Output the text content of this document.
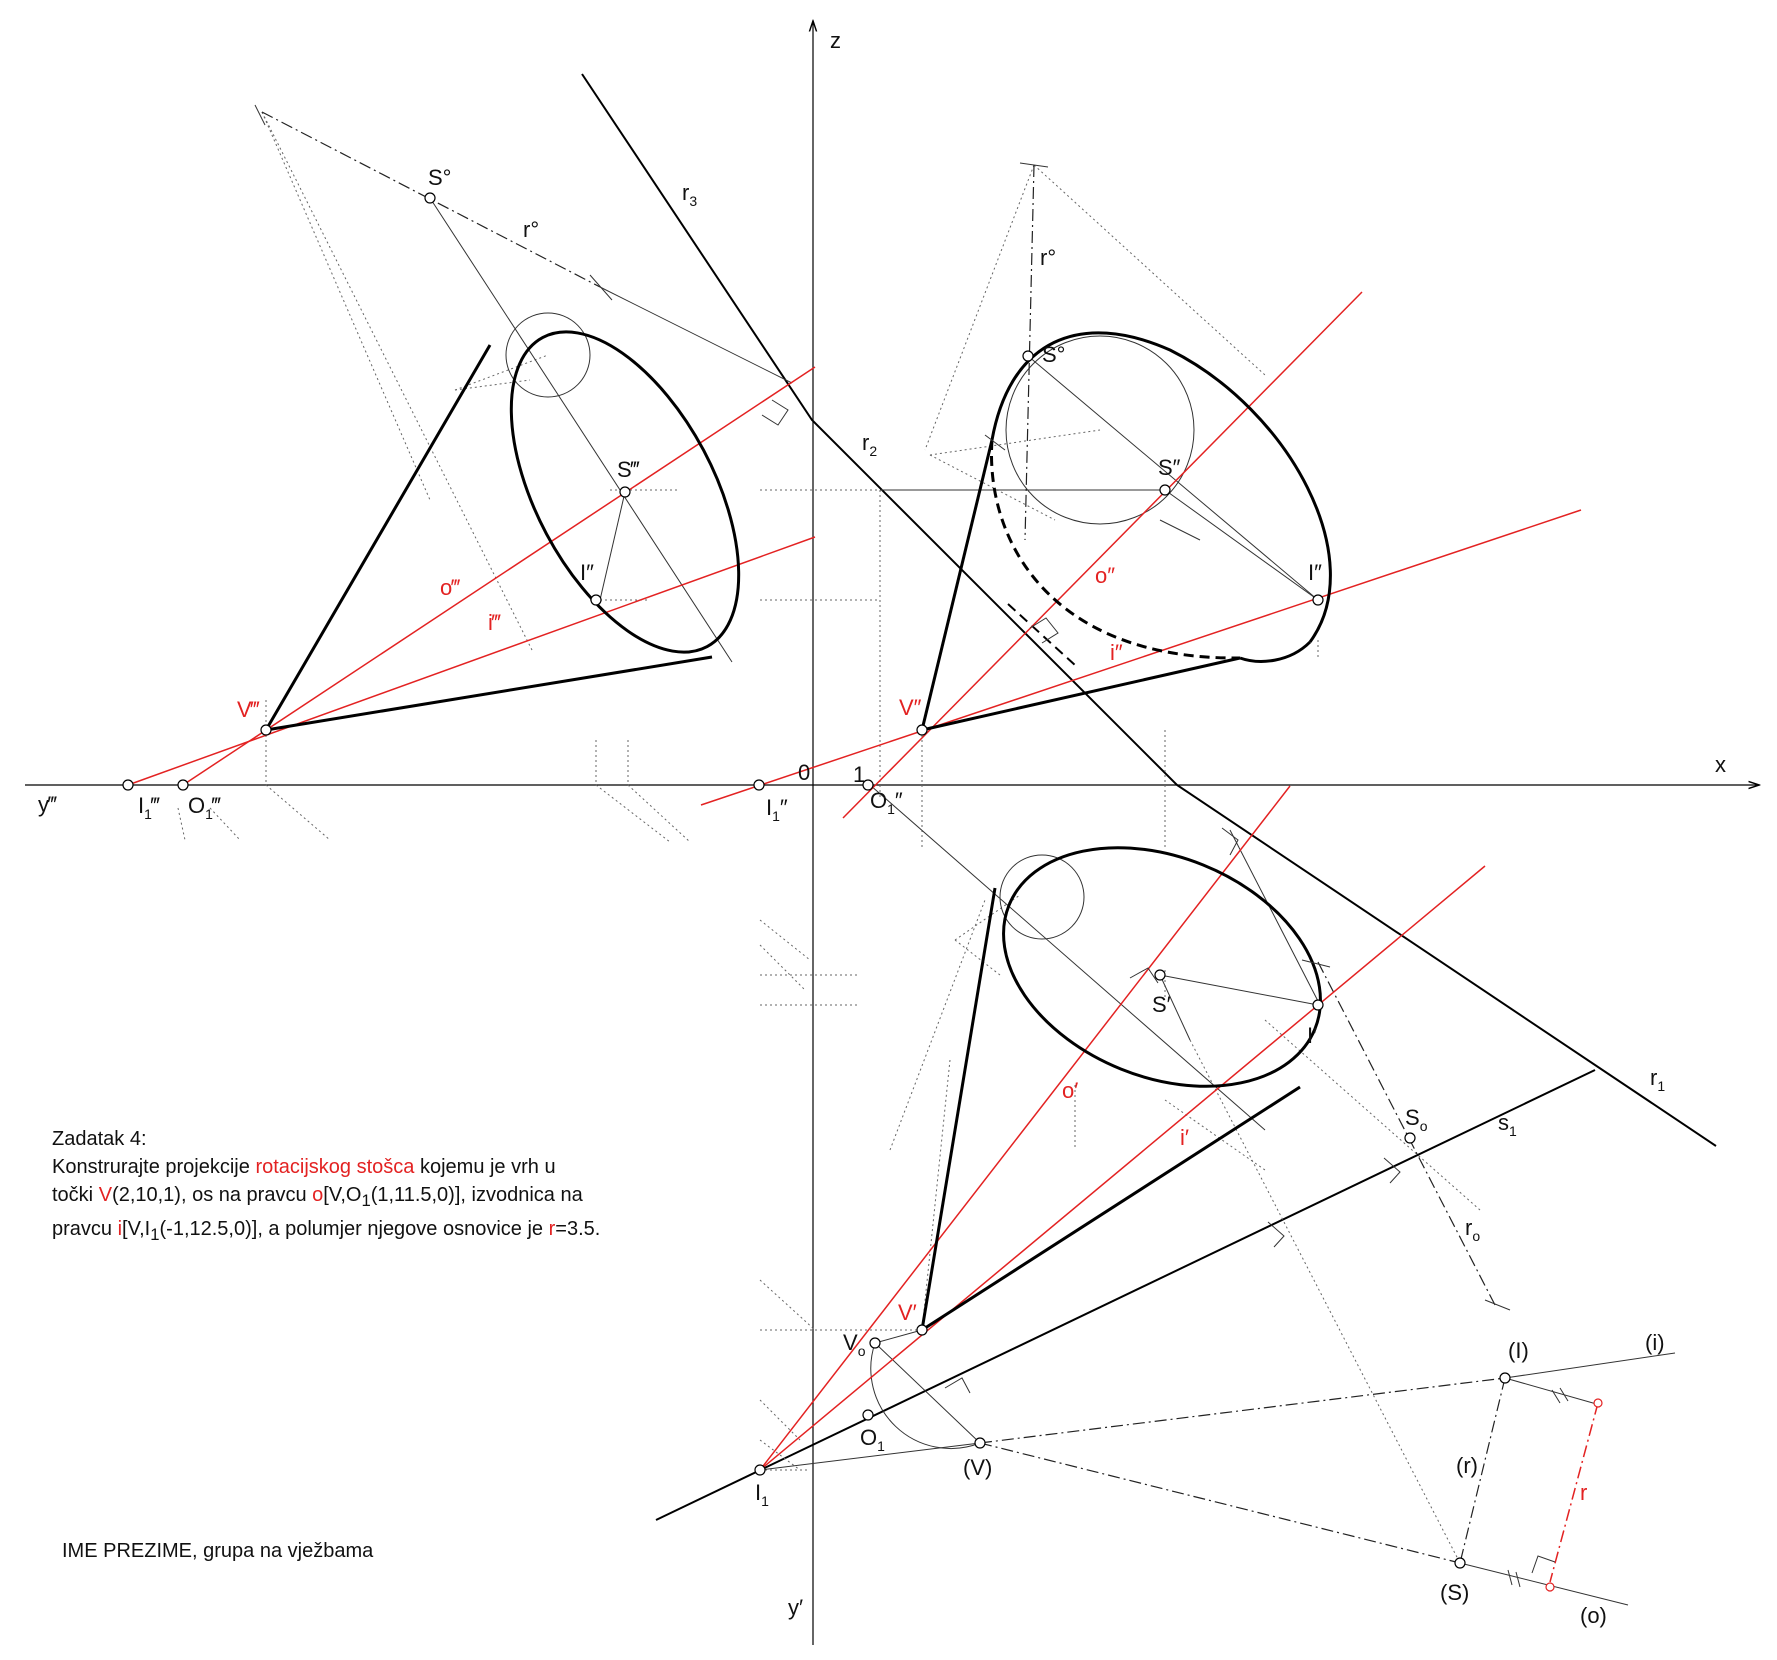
z
x
y‴
y′
0 1
$r_3$
$r_2$
$r_1$
$s_1$
S°
r°
r°
S°
S‴
I″
o‴
i‴
V‴
$I_1‴$ $O_1‴$
S″
I″
o″
i″
V″
$I_1''$	$O_1''$
S′
I′
o′
i′
V′
$S_o$
$r_o$
$V_o$
$O_1$
$I_1$
(V)
(I)	(i)
(r)
(S)
(o)
r
Zadatak 4:
Konstrurajte projekcije rotacijskog stošca kojemu je vrh u
točki V(2,10,1), os na pravcu $o[V,O_1(1,11.5,0)]$, izvodnica na
pravcu $i[V,I_1(-1,12.5,0)]$, a polumjer njegove osnovice je r=3.5.
IME PREZIME, grupa na vježbama
